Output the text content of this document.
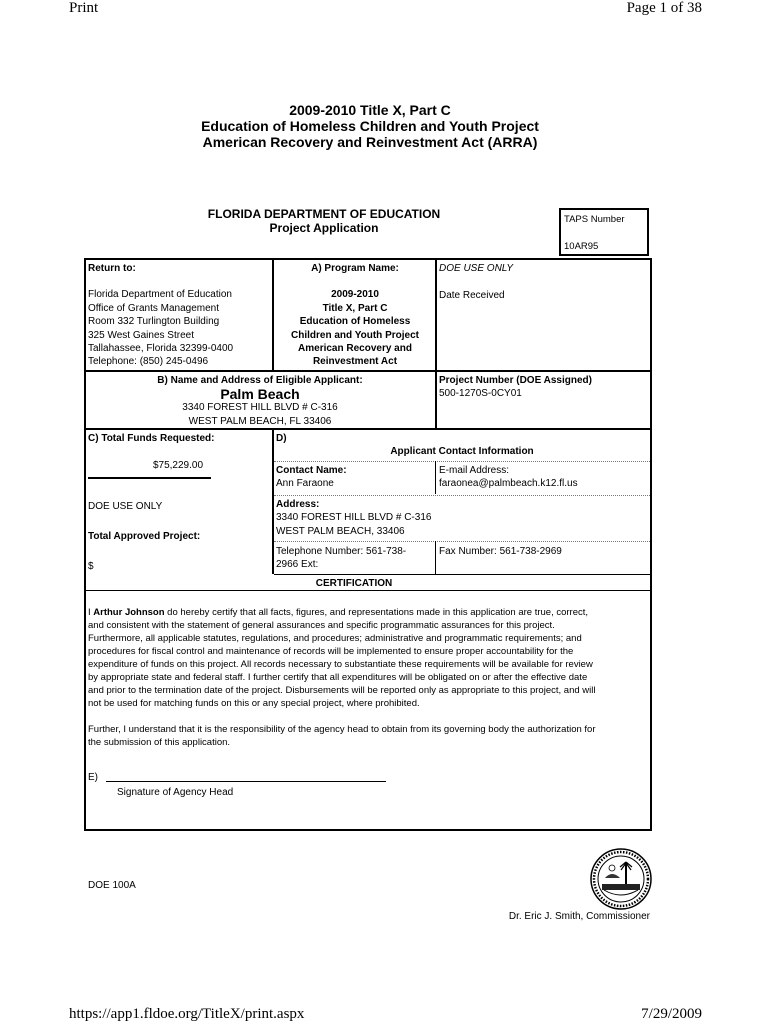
Print	Page 1 of 38
2009-2010 Title X, Part C
Education of Homeless Children and Youth Project
American Recovery and Reinvestment Act (ARRA)
FLORIDA DEPARTMENT OF EDUCATION
Project Application
TAPS Number
10AR95
Return to:
Florida Department of Education
Office of Grants Management
Room 332 Turlington Building
325 West Gaines Street
Tallahassee, Florida 32399-0400
Telephone: (850) 245-0496
A) Program Name:
2009-2010
Title X, Part C
Education of Homeless
Children and Youth Project
American Recovery and
Reinvestment Act
DOE USE ONLY
Date Received
B) Name and Address of Eligible Applicant:
Palm Beach
3340 FOREST HILL BLVD # C-316
WEST PALM BEACH, FL 33406
Project Number (DOE Assigned)
500-1270S-0CY01
C) Total Funds Requested:
$75,229.00
DOE USE ONLY
Total Approved Project:
$
D)
Applicant Contact Information
Contact Name:
Ann Faraone
E-mail Address:
faraonea@palmbeach.k12.fl.us
Address:
3340 FOREST HILL BLVD # C-316
WEST PALM BEACH, 33406
Telephone Number: 561-738-
2966 Ext:
Fax Number: 561-738-2969
CERTIFICATION
I Arthur Johnson do hereby certify that all facts, figures, and representations made in this application are true, correct,
and consistent with the statement of general assurances and specific programmatic assurances for this project.
Furthermore, all applicable statutes, regulations, and procedures; administrative and programmatic requirements; and
procedures for fiscal control and maintenance of records will be implemented to ensure proper accountability for the
expenditure of funds on this project. All records necessary to substantiate these requirements will be available for review
by appropriate state and federal staff. I further certify that all expenditures will be obligated on or after the effective date
and prior to the termination date of the project. Disbursements will be reported only as appropriate to this project, and will
not be used for matching funds on this or any special project, where prohibited.
Further, I understand that it is the responsibility of the agency head to obtain from its governing body the authorization for
the submission of this application.
E)
Signature of Agency Head
DOE 100A
Dr. Eric J. Smith, Commissioner
https://app1.fldoe.org/TitleX/print.aspx	7/29/2009
